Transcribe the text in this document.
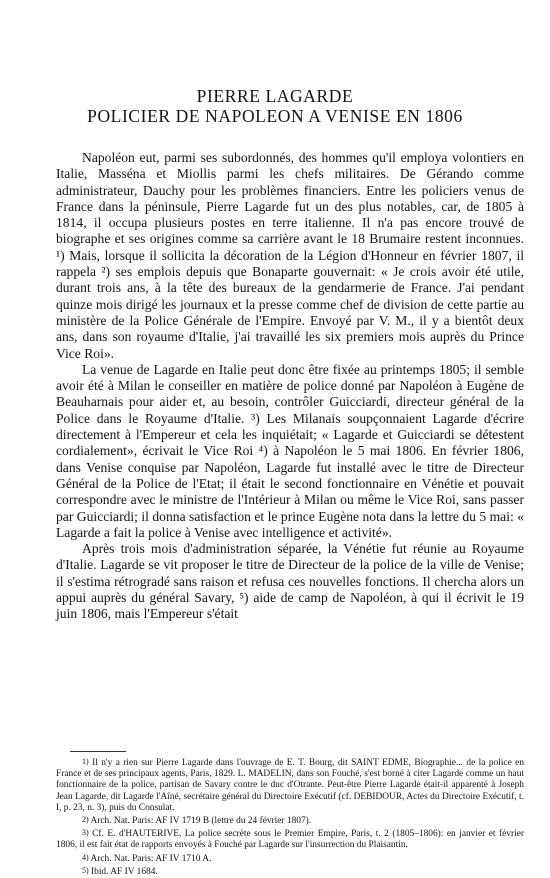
PIERRE LAGARDE
POLICIER DE NAPOLEON A VENISE EN 1806

Napoléon eut, parmi ses subordonnés, des hommes qu'il employa volontiers en Italie, Masséna et Miollis parmi les chefs militaires. De Gérando comme administrateur, Dauchy pour les problèmes financiers. Entre les policiers venus de France dans la péninsule, Pierre Lagarde fut un des plus notables, car, de 1805 à 1814, il occupa plusieurs postes en terre italienne. Il n'a pas encore trouvé de biographe et ses origines comme sa carrière avant le 18 Brumaire restent inconnues. ¹) Mais, lorsque il sollicita la décoration de la Légion d'Honneur en février 1807, il rappela ²) ses emplois depuis que Bonaparte gouvernait: « Je crois avoir été utile, durant trois ans, à la tête des bureaux de la gendarmerie de France. J'ai pendant quinze mois dirigé les journaux et la presse comme chef de division de cette partie au ministère de la Police Générale de l'Empire. Envoyé par V. M., il y a bientôt deux ans, dans son royaume d'Italie, j'ai travaillé les six premiers mois auprès du Prince Vice Roi».

La venue de Lagarde en Italie peut donc être fixée au printemps 1805; il semble avoir été à Milan le conseiller en matière de police donné par Napoléon à Eugène de Beauharnais pour aider et, au besoin, contrôler Guicciardi, directeur général de la Police dans le Royaume d'Italie. ³) Les Milanais soupçonnaient Lagarde d'écrire directement à l'Empereur et cela les inquiétait; « Lagarde et Guicciardi se détestent cordialement», écrivait le Vice Roi ⁴) à Napoléon le 5 mai 1806. En février 1806, dans Venise conquise par Napoléon, Lagarde fut installé avec le titre de Directeur Général de la Police de l'Etat; il était le second fonctionnaire en Vénétie et pouvait correspondre avec le ministre de l'Intérieur à Milan ou même le Vice Roi, sans passer par Guicciardi; il donna satisfaction et le prince Eugène nota dans la lettre du 5 mai: « Lagarde a fait la police à Venise avec intelligence et activité».

Après trois mois d'administration séparée, la Vénétie fut réunie au Royaume d'Italie. Lagarde se vit proposer le titre de Directeur de la police de la ville de Venise; il s'estima rétrogradé sans raison et refusa ces nouvelles fonctions. Il chercha alors un appui auprès du général Savary, ⁵) aide de camp de Napoléon, à qui il écrivit le 19 juin 1806, mais l'Empereur s'était

1) Il n'y a rien sur Pierre Lagarde dans l'ouvrage de E. T. Bourg, dit SAINT EDME, Biographie... de la police en France et de ses principaux agents, Paris, 1829. L. MADELIN, dans son Fouché, s'est borné à citer Lagarde comme un haut fonctionnaire de la police, partisan de Savary contre le duc d'Otrante. Peut-être Pierre Lagarde était-il apparenté à Joseph Jean Lagarde, dit Lagarde l'Aîné, secrétaire général du Directoire Exécutif (cf. DEBIDOUR, Actes du Directoire Exécutif, t. I, p. 23, n. 3), puis du Consulat.

2) Arch. Nat. Paris: AF IV 1719 B (lettre du 24 février 1807).

3) Cf. E. d'HAUTERIVE, La police secrète sous le Premier Empire, Paris, t. 2 (1805–1806): en janvier et février 1806, il est fait état de rapports envoyés à Fouché par Lagarde sur l'insurrection du Plaisantin.

4) Arch. Nat. Paris: AF IV 1710 A.

5) Ibid. AF IV 1684.
